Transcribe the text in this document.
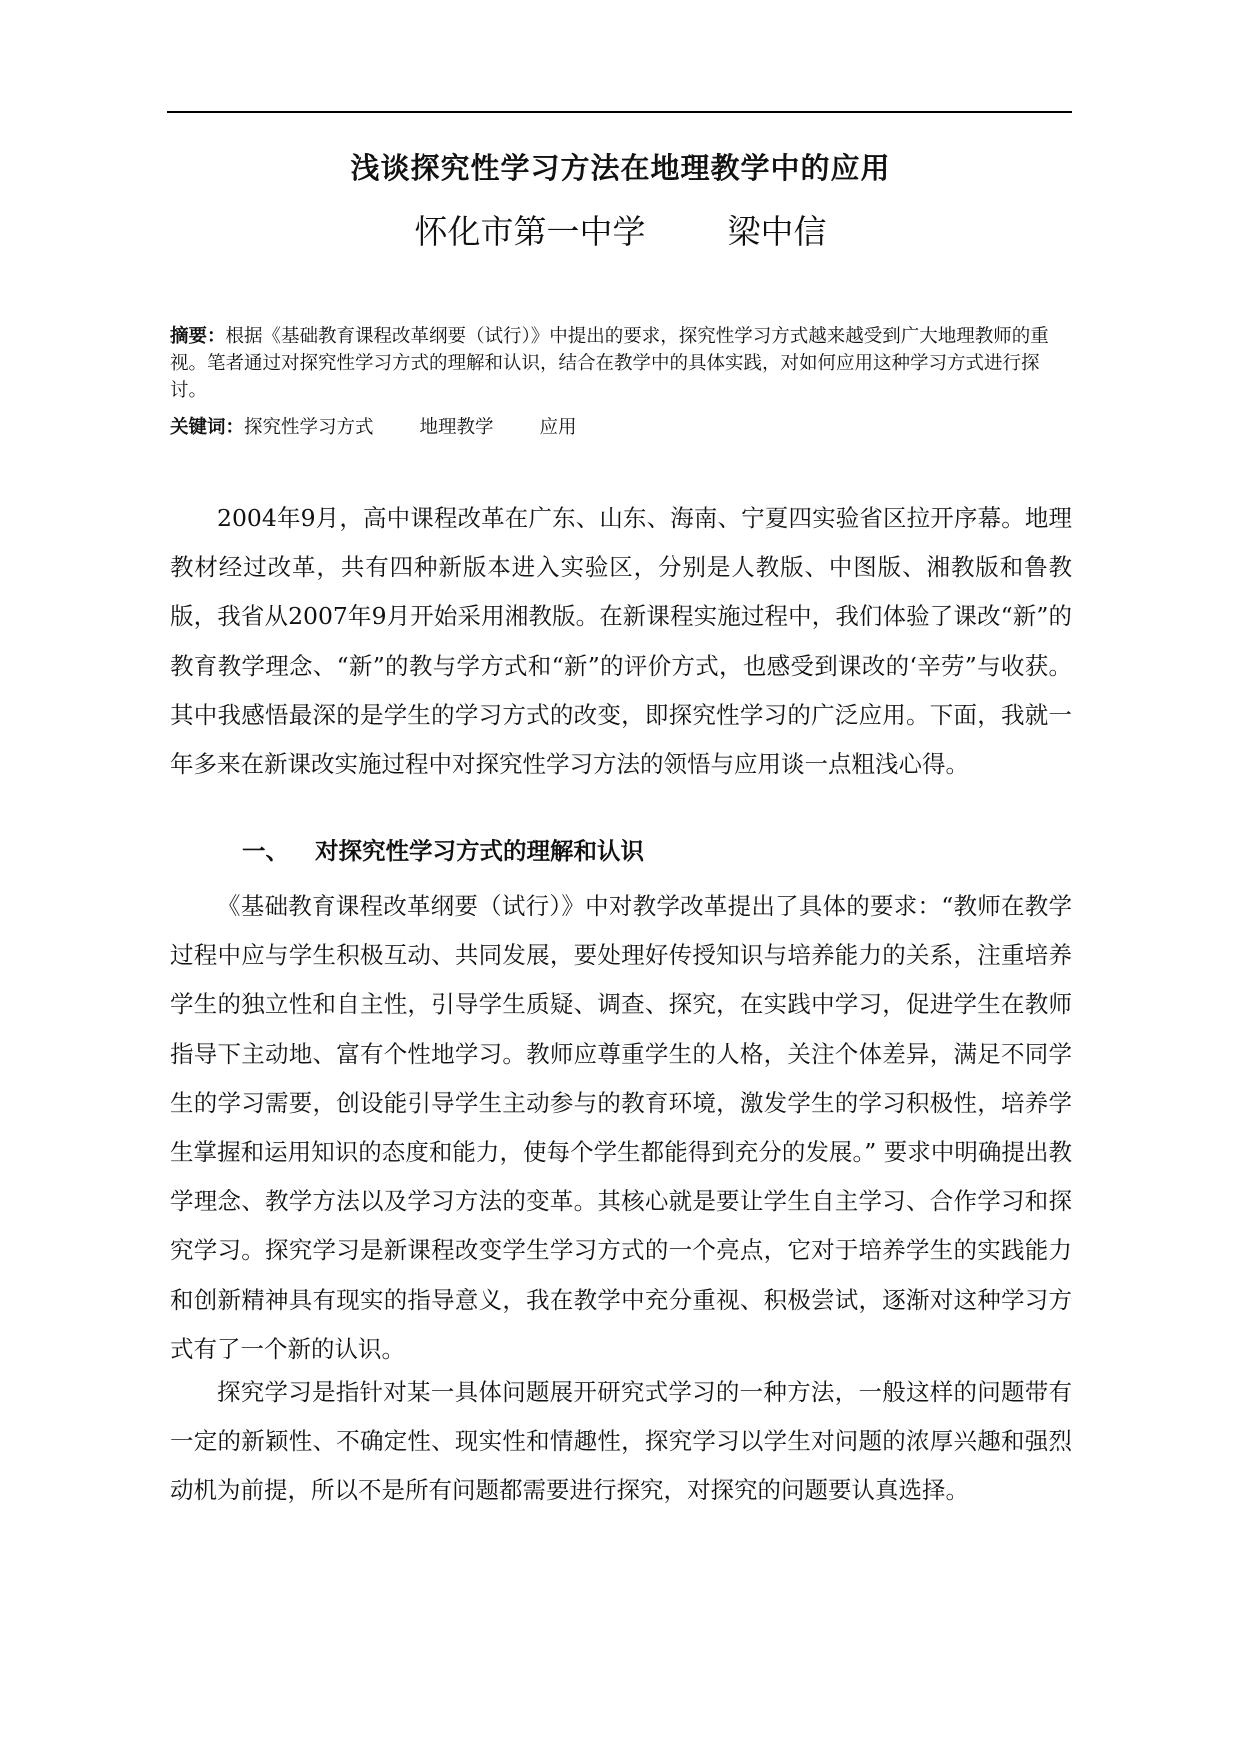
浅谈探究性学习方法在地理教学中的应用
怀化市第一中学 梁中信

摘要：根据《基础教育课程改革纲要（试行）》中提出的要求，探究性学习方式越来越受到广大地理教师的重视。笔者通过对探究性学习方式的理解和认识，结合在教学中的具体实践，对如何应用这种学习方式进行探讨。

关键词：探究性学习方式 地理教学 应用

2004年9月，高中课程改革在广东、山东、海南、宁夏四实验省区拉开序幕。地理教材经过改革，共有四种新版本进入实验区，分别是人教版、中图版、湘教版和鲁教版，我省从2007年9月开始采用湘教版。在新课程实施过程中，我们体验了课改“新”的教育教学理念、“新”的教与学方式和“新”的评价方式，也感受到课改的‘辛劳”与收获。其中我感悟最深的是学生的学习方式的改变，即探究性学习的广泛应用。下面，我就一年多来在新课改实施过程中对探究性学习方法的领悟与应用谈一点粗浅心得。

一、 对探究性学习方式的理解和认识

《基础教育课程改革纲要（试行）》中对教学改革提出了具体的要求：“教师在教学过程中应与学生积极互动、共同发展，要处理好传授知识与培养能力的关系，注重培养学生的独立性和自主性，引导学生质疑、调查、探究，在实践中学习，促进学生在教师指导下主动地、富有个性地学习。教师应尊重学生的人格，关注个体差异，满足不同学生的学习需要，创设能引导学生主动参与的教育环境，激发学生的学习积极性，培养学生掌握和运用知识的态度和能力，使每个学生都能得到充分的发展。” 要求中明确提出教学理念、教学方法以及学习方法的变革。其核心就是要让学生自主学习、合作学习和探究学习。探究学习是新课程改变学生学习方式的一个亮点，它对于培养学生的实践能力和创新精神具有现实的指导意义，我在教学中充分重视、积极尝试，逐渐对这种学习方式有了一个新的认识。

探究学习是指针对某一具体问题展开研究式学习的一种方法，一般这样的问题带有一定的新颖性、不确定性、现实性和情趣性，探究学习以学生对问题的浓厚兴趣和强烈动机为前提，所以不是所有问题都需要进行探究，对探究的问题要认真选择。
